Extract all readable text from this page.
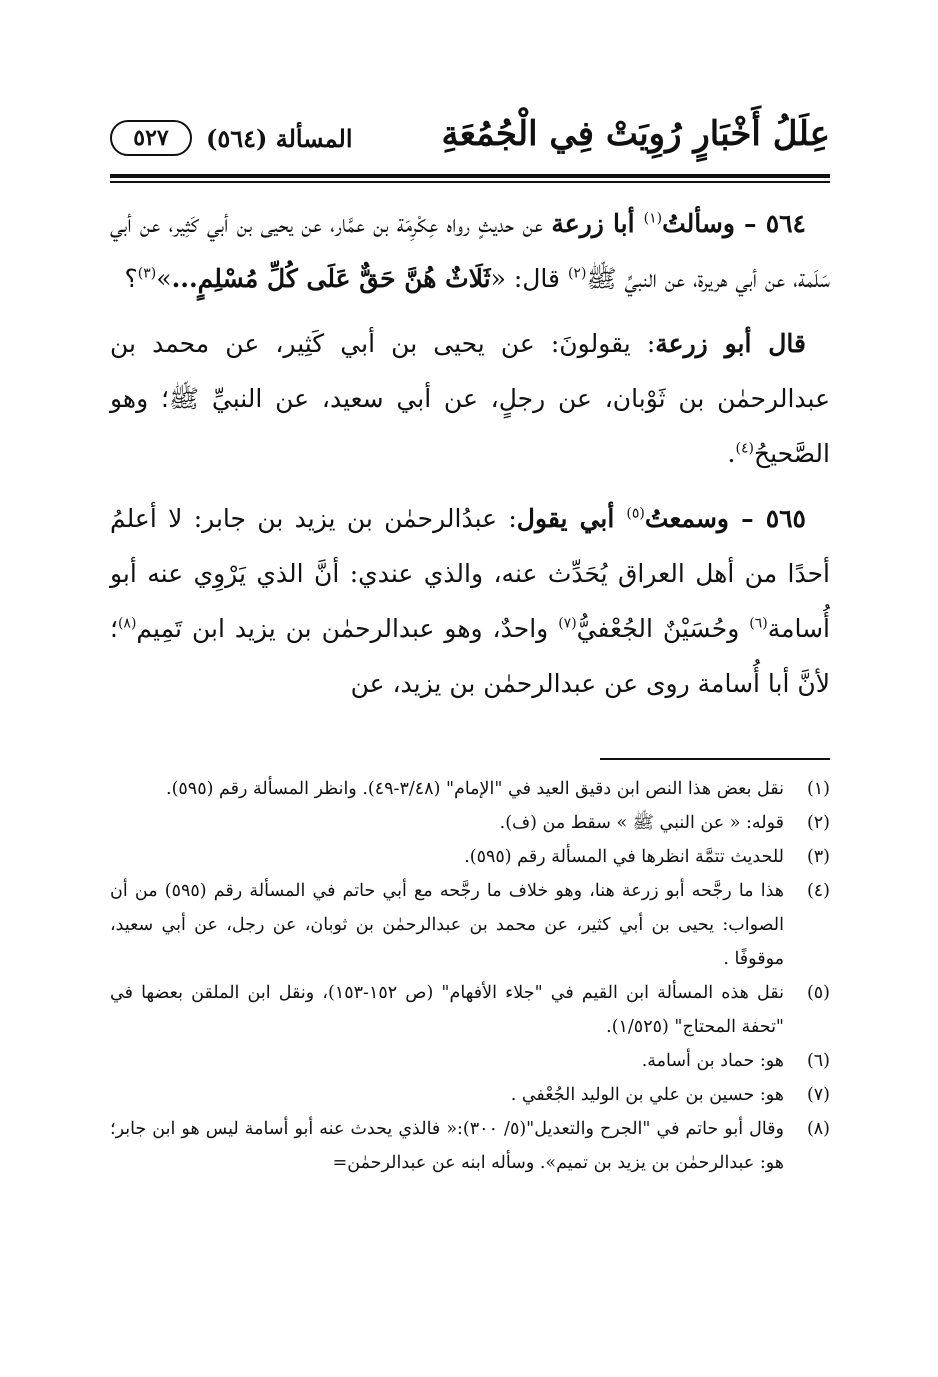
عِلَلُ أَخْبَارٍ رُوِيَتْ فِي الْجُمُعَةِ
المسألة (٥٦٤)
٥٢٧

٥٦٤ – وسألتُ$^{(١)}$ أبا زرعة عن حديثٍ رواه عِكْرِمَة بن عمَّار، عن يحيى بن أبي كَثِير، عن أبي سَلَمة، عن أبي هريرة، عن النبيِّ ﷺ$^{(٢)}$ قال: «ثَلَاثٌ هُنَّ حَقٌّ عَلَى كُلِّ مُسْلِمٍ...»$^{(٣)}$؟

قال أبو زرعة: يقولونَ: عن يحيى بن أبي كَثِير، عن محمد بن عبدالرحمٰن بن ثَوْبان، عن رجلٍ، عن أبي سعيد، عن النبيِّ ﷺ؛ وهو الصَّحيحُ$^{(٤)}$.

٥٦٥ – وسمعتُ$^{(٥)}$ أبي يقول: عبدُالرحمٰن بن يزيد بن جابر: لا أعلمُ أحدًا من أهل العراق يُحَدِّث عنه، والذي عندي: أنَّ الذي يَرْوِي عنه أبو أُسامة$^{(٦)}$ وحُسَيْنٌ الجُعْفيُّ$^{(٧)}$ واحدٌ، وهو عبدالرحمٰن بن يزيد ابن تَمِيم$^{(٨)}$؛ لأنَّ أبا أُسامة روى عن عبدالرحمٰن بن يزيد، عن

(١)
نقل بعض هذا النص ابن دقيق العيد في "الإمام" (٣/٤٨-٤٩). وانظر المسألة رقم (٥٩٥).

(٢)
قوله: « عن النبي ﷺ » سقط من (ف).

(٣)
للحديث تتمَّة انظرها في المسألة رقم (٥٩٥).

(٤)
هذا ما رجَّحه أبو زرعة هنا، وهو خلاف ما رجَّحه مع أبي حاتم في المسألة رقم (٥٩٥) من أن الصواب: يحيى بن أبي كثير، عن محمد بن عبدالرحمٰن بن ثوبان، عن رجل، عن أبي سعيد، موقوفًا .

(٥)
نقل هذه المسألة ابن القيم في "جلاء الأفهام" (ص ١٥٢-١٥٣)، ونقل ابن الملقن بعضها في "تحفة المحتاج" (١/٥٢٥).

(٦)
هو: حماد بن أسامة.

(٧)
هو: حسين بن علي بن الوليد الجُعْفي .

(٨)
وقال أبو حاتم في "الجرح والتعديل"(٥/ ٣٠٠):« فالذي يحدث عنه أبو أسامة ليس هو ابن جابر؛ هو: عبدالرحمٰن بن يزيد بن تميم». وسأله ابنه عن عبدالرحمٰن=
